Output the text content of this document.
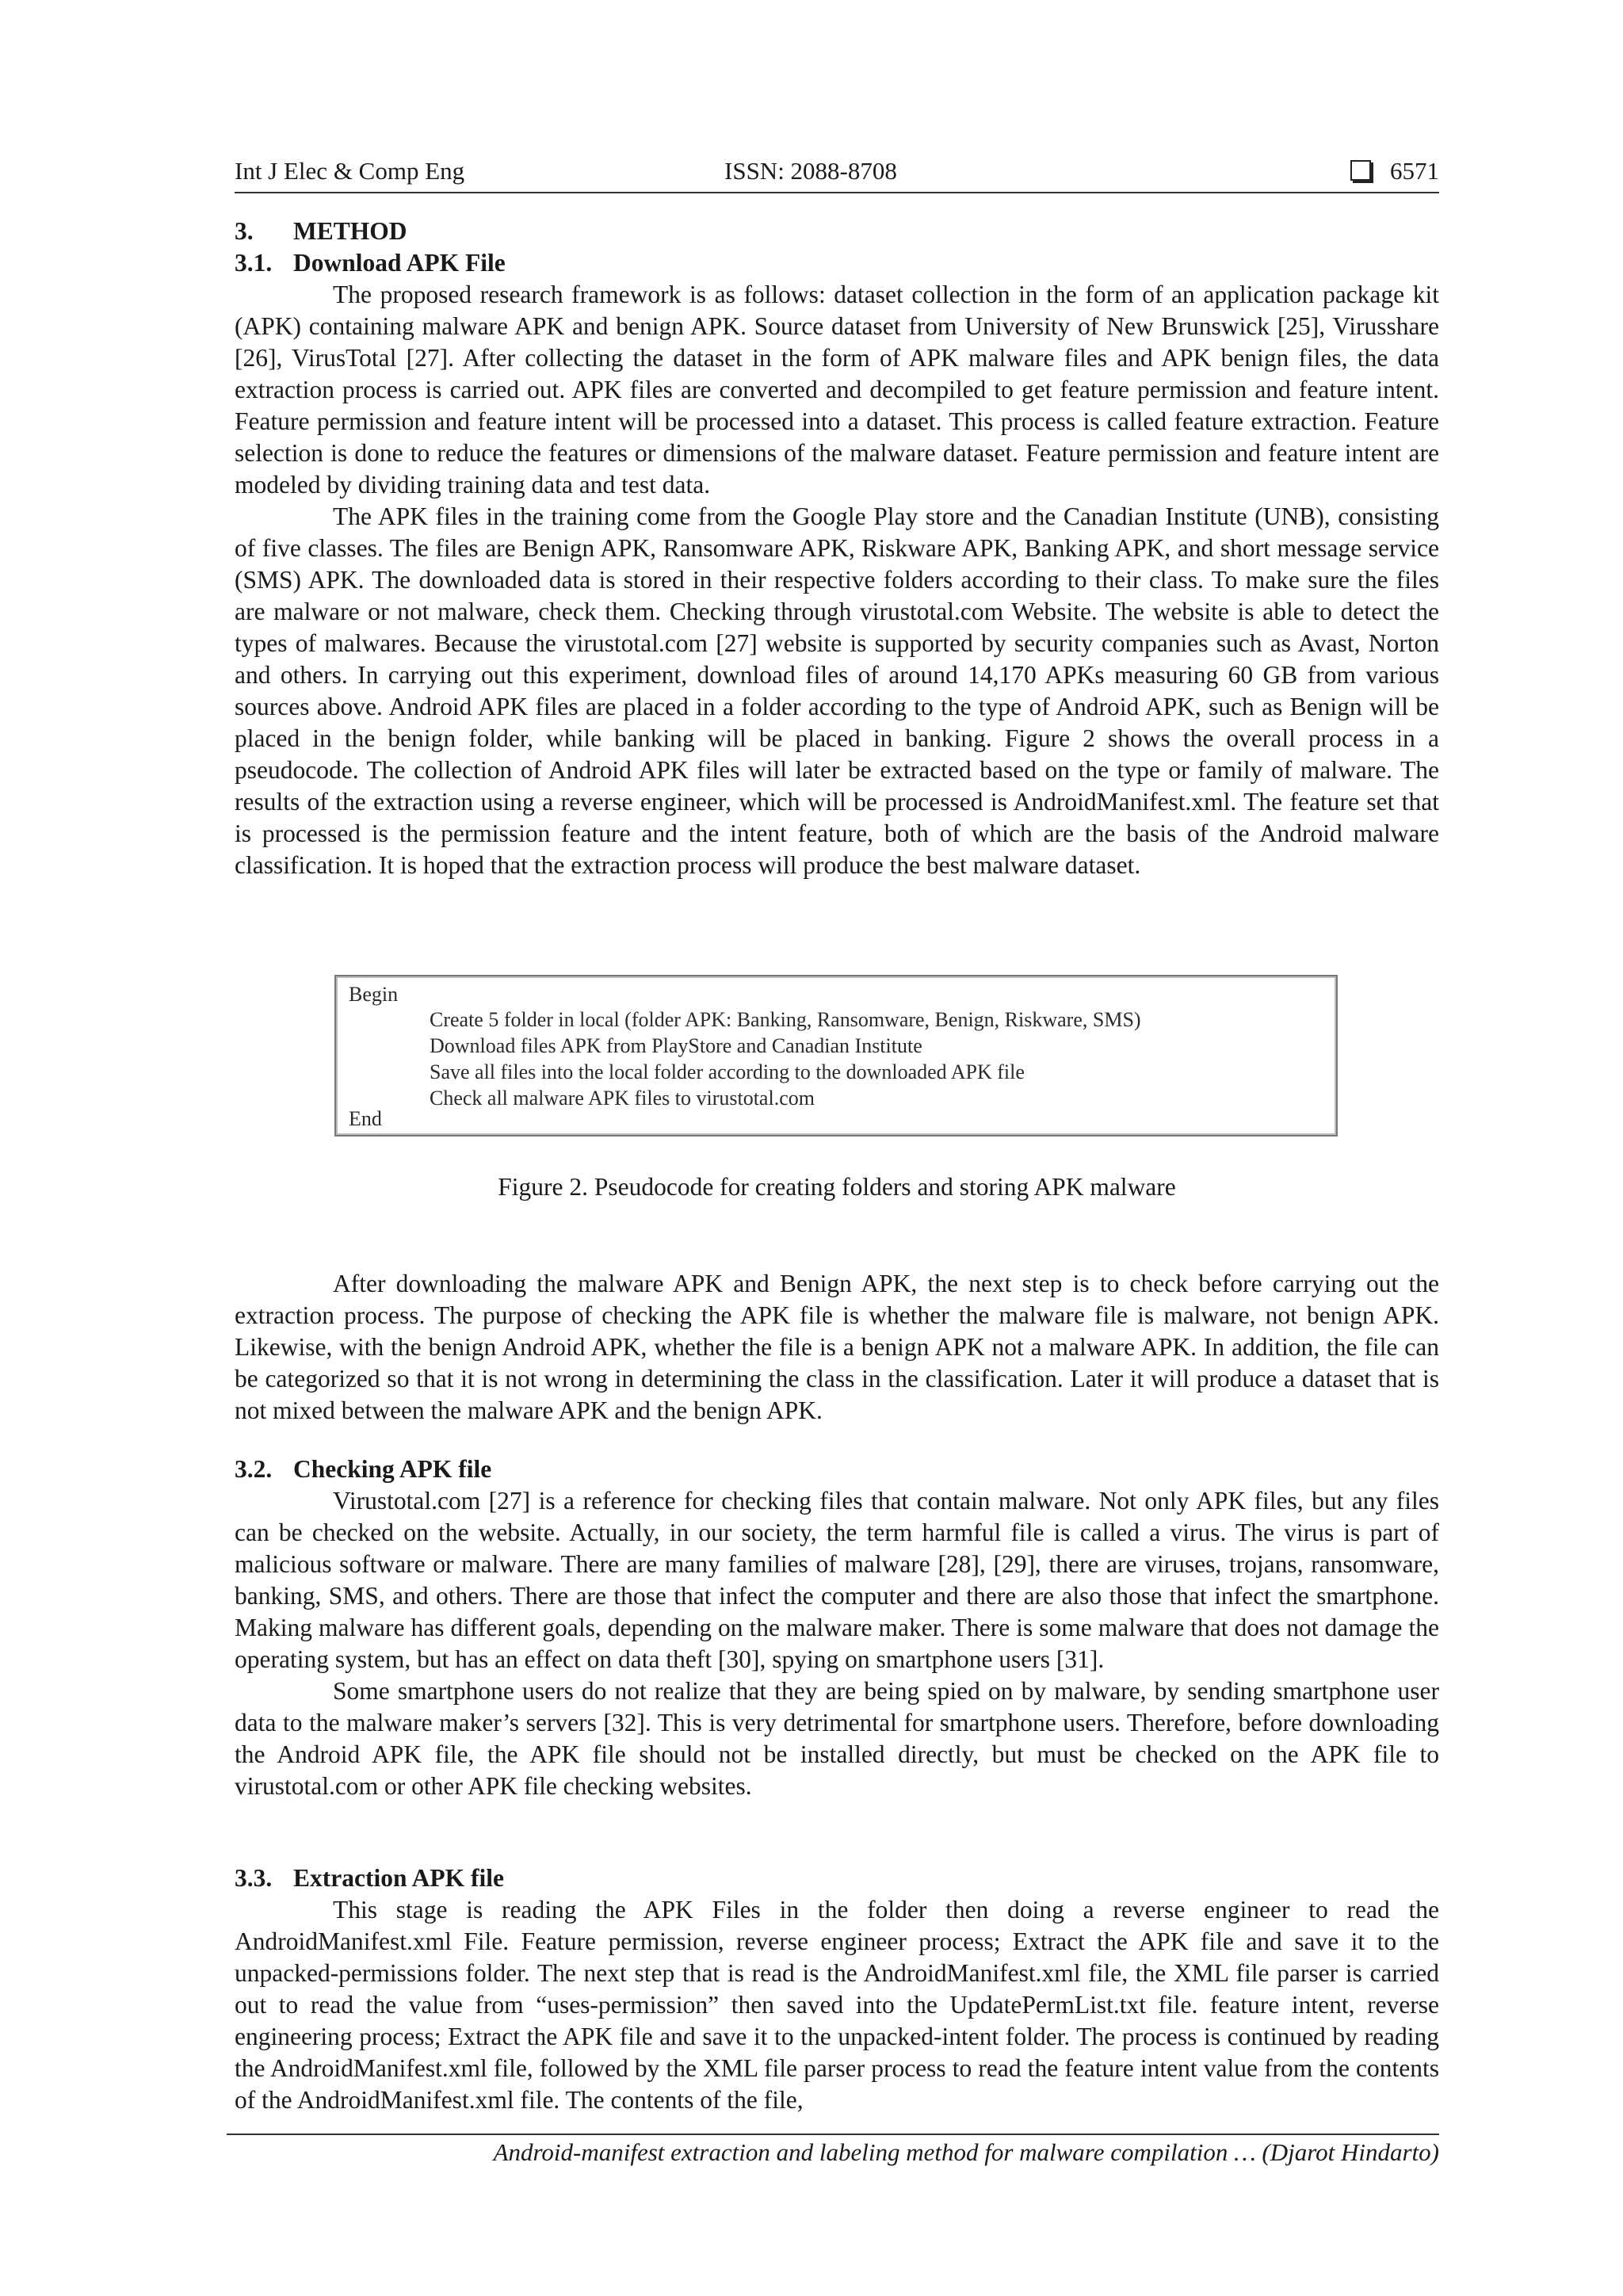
Int J Elec & Comp Eng	ISSN: 2088-8708	6571
3. METHOD
3.1. Download APK File

The proposed research framework is as follows: dataset collection in the form of an application package kit (APK) containing malware APK and benign APK. Source dataset from University of New Brunswick [25], Virusshare [26], VirusTotal [27]. After collecting the dataset in the form of APK malware files and APK benign files, the data extraction process is carried out. APK files are converted and decompiled to get feature permission and feature intent. Feature permission and feature intent will be processed into a dataset. This process is called feature extraction. Feature selection is done to reduce the features or dimensions of the malware dataset. Feature permission and feature intent are modeled by dividing training data and test data.

The APK files in the training come from the Google Play store and the Canadian Institute (UNB), consisting of five classes. The files are Benign APK, Ransomware APK, Riskware APK, Banking APK, and short message service (SMS) APK. The downloaded data is stored in their respective folders according to their class. To make sure the files are malware or not malware, check them. Checking through virustotal.com Website. The website is able to detect the types of malwares. Because the virustotal.com [27] website is supported by security companies such as Avast, Norton and others. In carrying out this experiment, download files of around 14,170 APKs measuring 60 GB from various sources above. Android APK files are placed in a folder according to the type of Android APK, such as Benign will be placed in the benign folder, while banking will be placed in banking. Figure 2 shows the overall process in a pseudocode. The collection of Android APK files will later be extracted based on the type or family of malware. The results of the extraction using a reverse engineer, which will be processed is AndroidManifest.xml. The feature set that is processed is the permission feature and the intent feature, both of which are the basis of the Android malware classification. It is hoped that the extraction process will produce the best malware dataset.

Begin
Create 5 folder in local (folder APK: Banking, Ransomware, Benign, Riskware, SMS)
Download files APK from PlayStore and Canadian Institute
Save all files into the local folder according to the downloaded APK file
Check all malware APK files to virustotal.com
End
Figure 2. Pseudocode for creating folders and storing APK malware

After downloading the malware APK and Benign APK, the next step is to check before carrying out the extraction process. The purpose of checking the APK file is whether the malware file is malware, not benign APK. Likewise, with the benign Android APK, whether the file is a benign APK not a malware APK. In addition, the file can be categorized so that it is not wrong in determining the class in the classification. Later it will produce a dataset that is not mixed between the malware APK and the benign APK.

3.2. Checking APK file

Virustotal.com [27] is a reference for checking files that contain malware. Not only APK files, but any files can be checked on the website. Actually, in our society, the term harmful file is called a virus. The virus is part of malicious software or malware. There are many families of malware [28], [29], there are viruses, trojans, ransomware, banking, SMS, and others. There are those that infect the computer and there are also those that infect the smartphone. Making malware has different goals, depending on the malware maker. There is some malware that does not damage the operating system, but has an effect on data theft [30], spying on smartphone users [31].

Some smartphone users do not realize that they are being spied on by malware, by sending smartphone user data to the malware maker’s servers [32]. This is very detrimental for smartphone users. Therefore, before downloading the Android APK file, the APK file should not be installed directly, but must be checked on the APK file to virustotal.com or other APK file checking websites.

3.3. Extraction APK file

This stage is reading the APK Files in the folder then doing a reverse engineer to read the AndroidManifest.xml File. Feature permission, reverse engineer process; Extract the APK file and save it to the unpacked-permissions folder. The next step that is read is the AndroidManifest.xml file, the XML file parser is carried out to read the value from “uses-permission” then saved into the UpdatePermList.txt file. feature intent, reverse engineering process; Extract the APK file and save it to the unpacked-intent folder. The process is continued by reading the AndroidManifest.xml file, followed by the XML file parser process to read the feature intent value from the contents of the AndroidManifest.xml file. The contents of the file,

Android-manifest extraction and labeling method for malware compilation … (Djarot Hindarto)
